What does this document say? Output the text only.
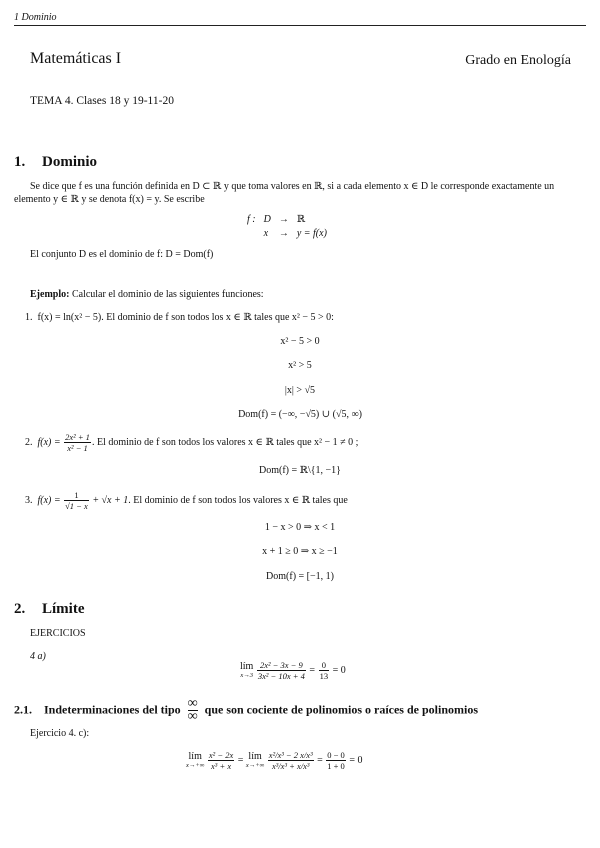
1 Dominio
Matemáticas I	Grado en Enología
TEMA 4. Clases 18 y 19-11-20
1. Dominio
Se dice que f es una función definida en D ⊂ ℝ y que toma valores en ℝ, si a cada elemento x ∈ D le corresponde exactamente un elemento y ∈ ℝ y se denota f(x) = y. Se escribe
f :	D	→	ℝ
	x	→	y = f(x)
El conjunto D es el dominio de f: D = Dom(f)
Ejemplo: Calcular el dominio de las siguientes funciones:
1. f(x) = ln(x² − 5). El dominio de f son todos los x ∈ ℝ tales que x² − 5 > 0:
x² − 5 > 0
x² > 5
|x| > √5
Dom(f) = (−∞, −√5) ∪ (√5, ∞)
2. $f(x) = \frac{\text{2x² + 1}}{\text{x² − 1}}$ . El dominio de f son todos los valores x ∈ ℝ tales que x² − 1 ≠ 0 ;
Dom(f) = ℝ\{1, −1}
3. $f(x) = \frac{1}{√1 - x} + √x + 1$. El dominio de f son todos los valores x ∈ ℝ tales que
1 − x > 0 ⇒ x < 1
x + 1 ≥ 0 ⇒ x ≥ −1
Dom(f) = [−1, 1)
2. Límite
EJERCICIOS
4 a)
lím
x→3
$\frac{\text{2x² − 3x − 9}}{\text{3x² − 10x + 4}} = \frac{0}{13} = 0$
2.1. Indeterminaciones del tipo ∞
∞ que son cociente de polinomios o raíces de polinomios
Ejercicio 4. c):
lím
x→+∞
$\frac{\text{x² − 2x}}{\text{x³ + x}}$ = lím
x→+∞
$\frac{\text{x²/x³ − 2 x/x³}}{\text{x³/x³ + x/x³}} = \frac{0 - 0}{1 + 0} = 0$
